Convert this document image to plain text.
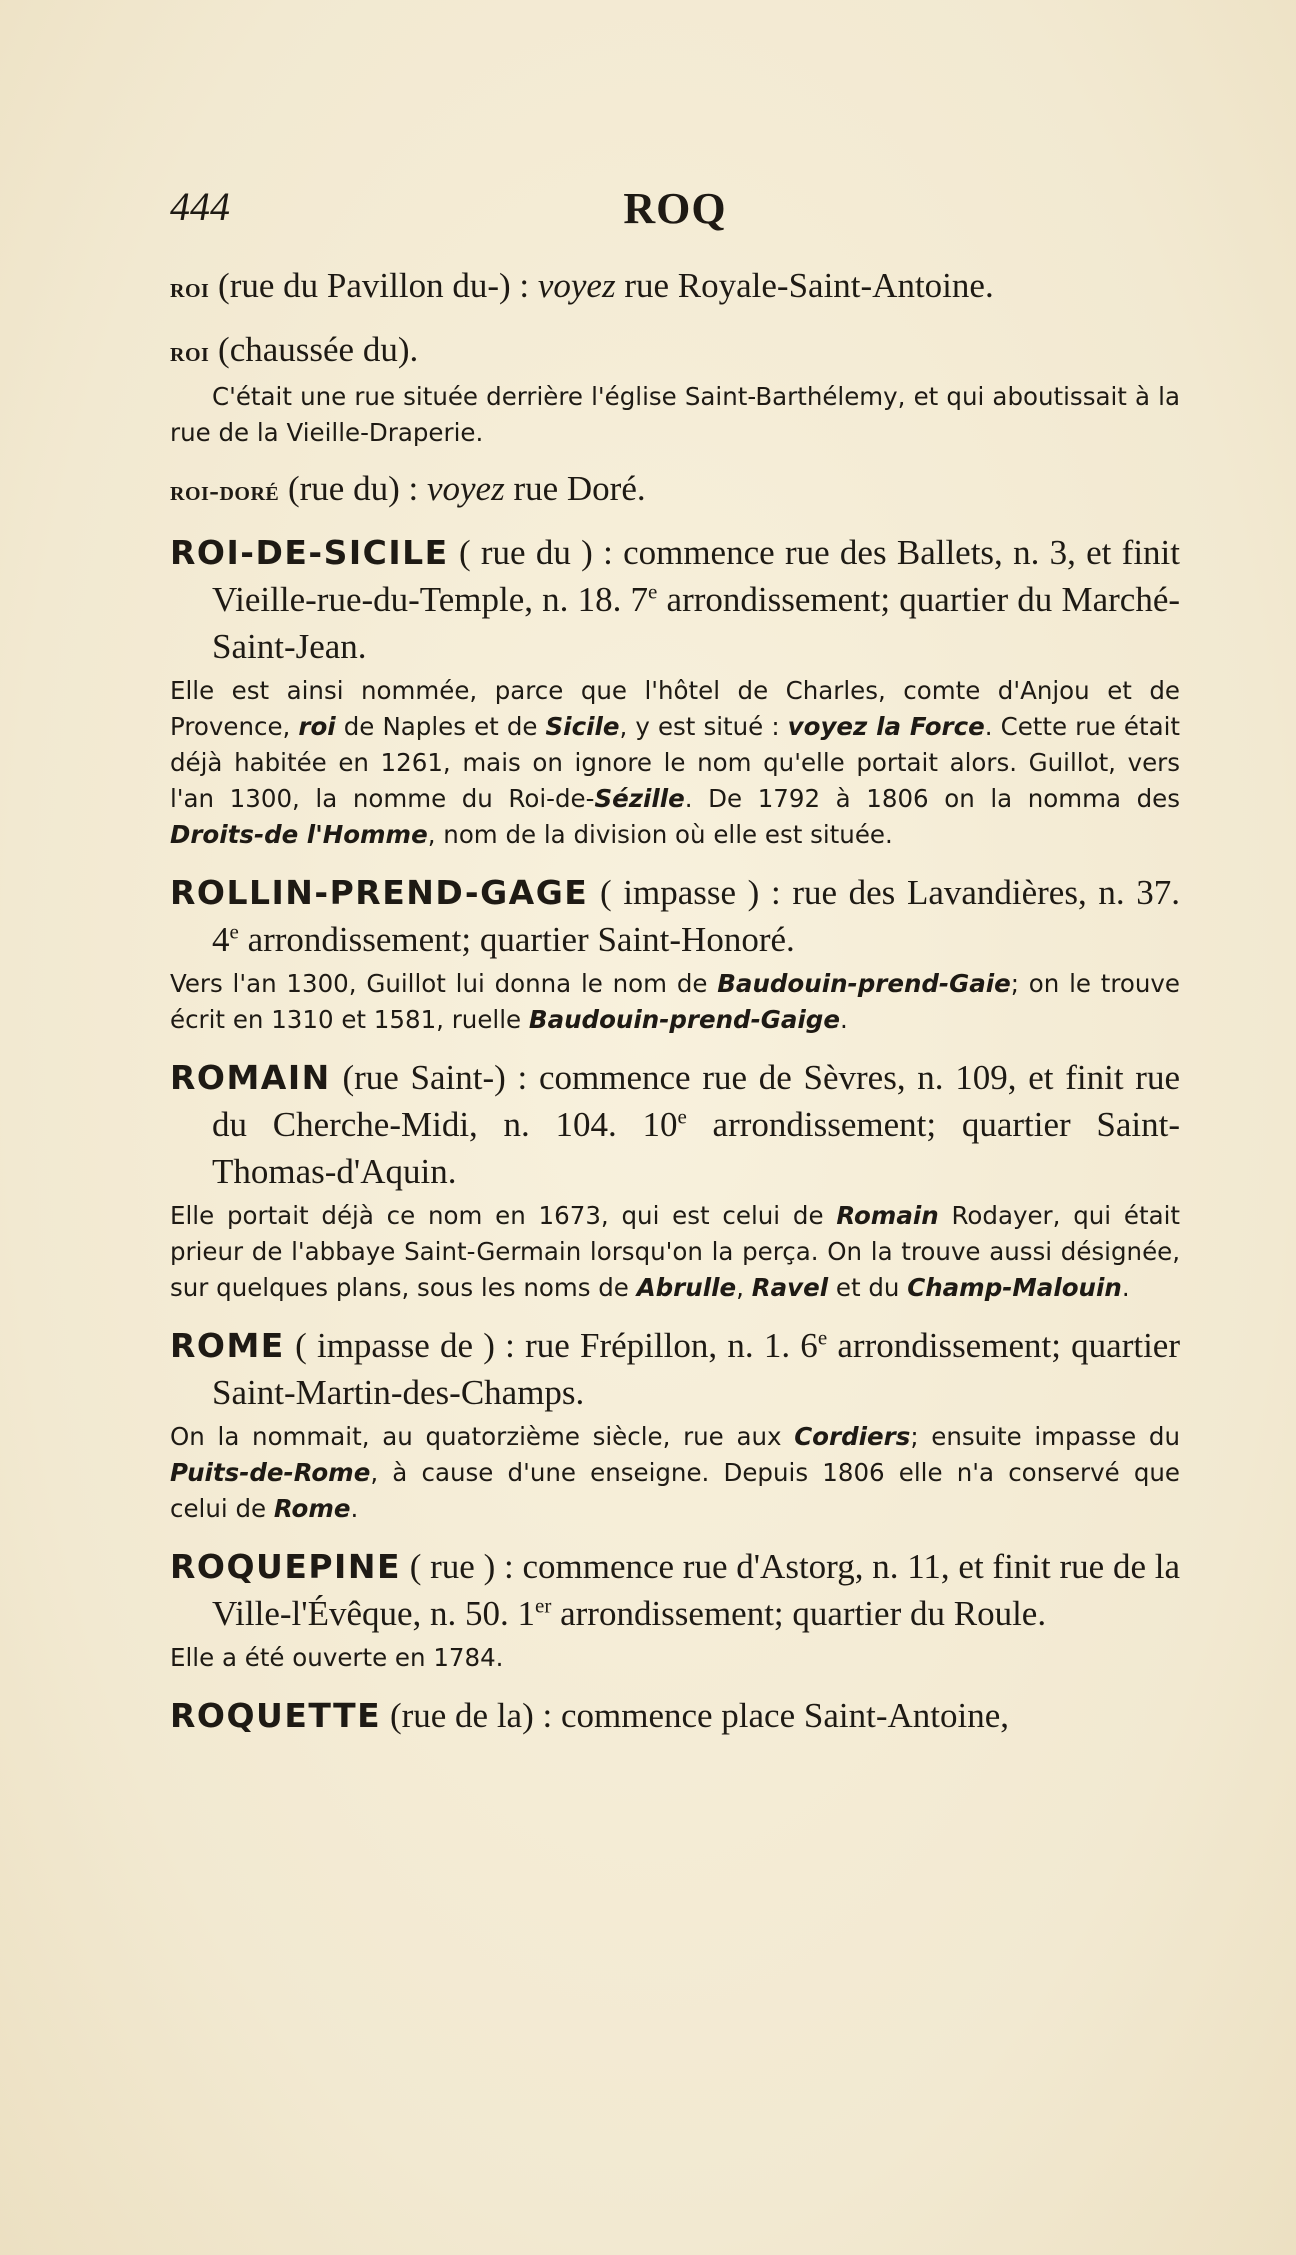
444	ROQ
roi (rue du Pavillon du-) : voyez rue Royale-Saint-Antoine.
roi (chaussée du).
C'était une rue située derrière l'église Saint-Barthélemy, et qui aboutissait à la rue de la Vieille-Draperie.
roi-doré (rue du) : voyez rue Doré.
ROI-DE-SICILE ( rue du ) : commence rue des Ballets, n. 3, et finit Vieille-rue-du-Temple, n. 18. 7e arrondissement; quartier du Marché-Saint-Jean.
Elle est ainsi nommée, parce que l'hôtel de Charles, comte d'Anjou et de Provence, roi de Naples et de Sicile, y est situé : voyez la Force. Cette rue était déjà habitée en 1261, mais on ignore le nom qu'elle portait alors. Guillot, vers l'an 1300, la nomme du Roi-de-Sézille. De 1792 à 1806 on la nomma des Droits-de l'Homme, nom de la division où elle est située.
ROLLIN-PREND-GAGE ( impasse ) : rue des Lavandières, n. 37. 4e arrondissement; quartier Saint-Honoré.
Vers l'an 1300, Guillot lui donna le nom de Baudouin-prend-Gaie; on le trouve écrit en 1310 et 1581, ruelle Baudouin-prend-Gaige.
ROMAIN (rue Saint-) : commence rue de Sèvres, n. 109, et finit rue du Cherche-Midi, n. 104. 10e arrondissement; quartier Saint-Thomas-d'Aquin.
Elle portait déjà ce nom en 1673, qui est celui de Romain Rodayer, qui était prieur de l'abbaye Saint-Germain lorsqu'on la perça. On la trouve aussi désignée, sur quelques plans, sous les noms de Abrulle, Ravel et du Champ-Malouin.
ROME ( impasse de ) : rue Frépillon, n. 1. 6e arrondissement; quartier Saint-Martin-des-Champs.
On la nommait, au quatorzième siècle, rue aux Cordiers; ensuite impasse du Puits-de-Rome, à cause d'une enseigne. Depuis 1806 elle n'a conservé que celui de Rome.
ROQUEPINE ( rue ) : commence rue d'Astorg, n. 11, et finit rue de la Ville-l'Évêque, n. 50. 1er arrondissement; quartier du Roule.
Elle a été ouverte en 1784.
ROQUETTE (rue de la) : commence place Saint-Antoine,
